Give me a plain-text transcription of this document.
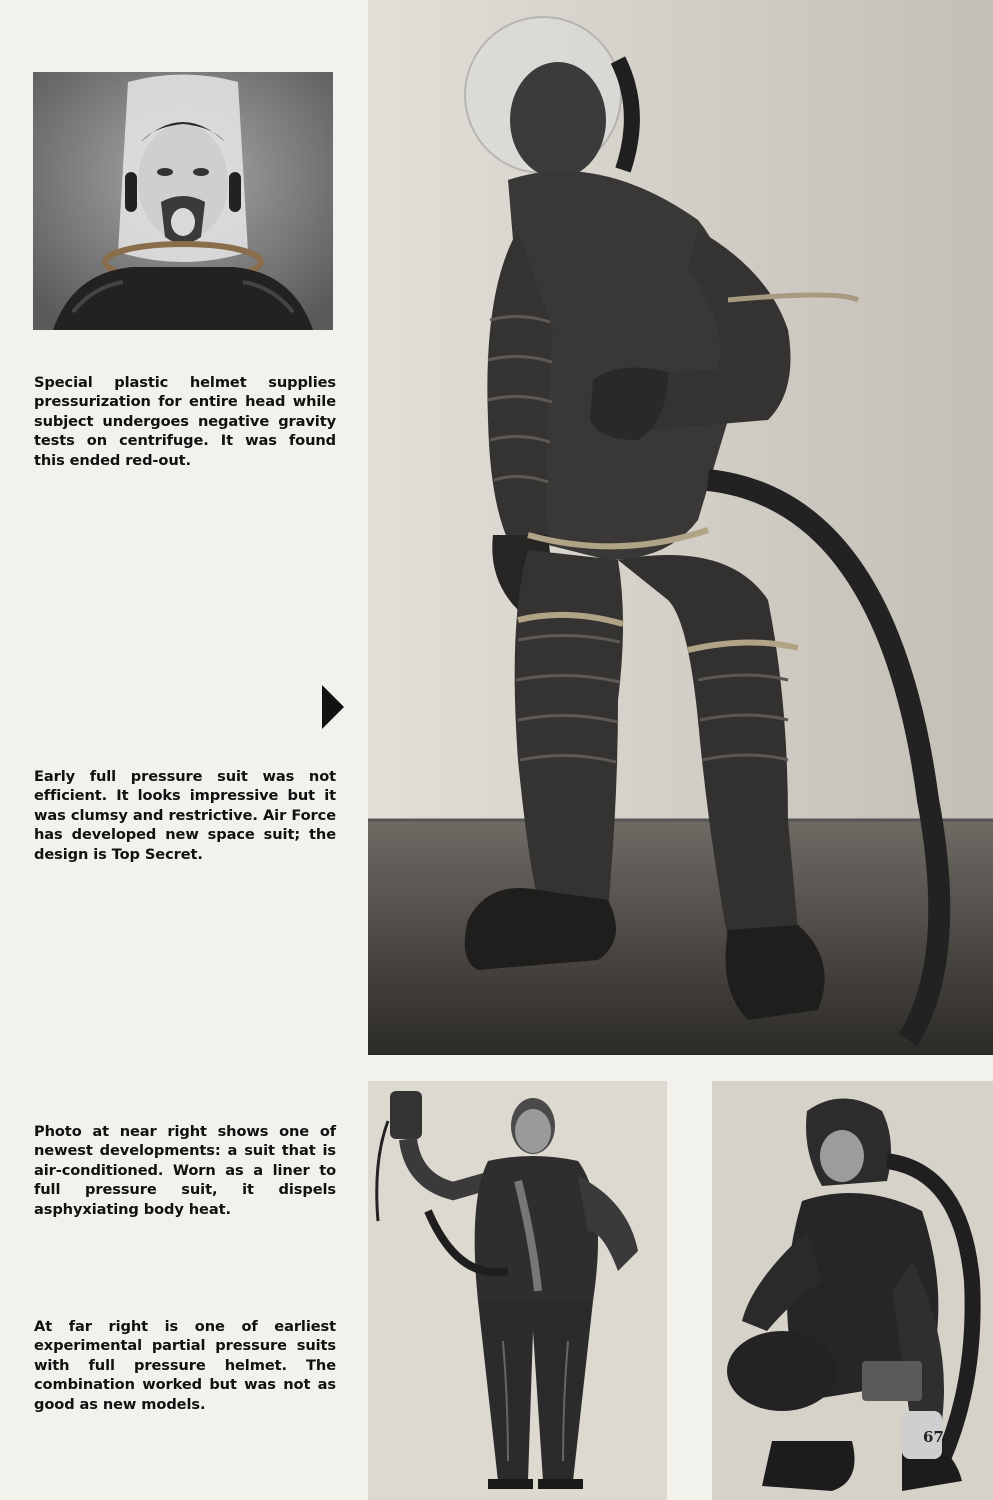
Special plastic helmet supplies pressurization for entire head while subject undergoes negative gravity tests on centrifuge. It was found this ended red-out.

Early full pressure suit was not efficient. It looks impressive but it was clumsy and restrictive. Air Force has developed new space suit; the design is Top Secret.

Photo at near right shows one of newest developments: a suit that is air-conditioned. Worn as a liner to full pressure suit, it dispels asphyxiating body heat.

At far right is one of earliest experimental partial pressure suits with full pressure helmet. The combination worked but was not as good as new models.

67
